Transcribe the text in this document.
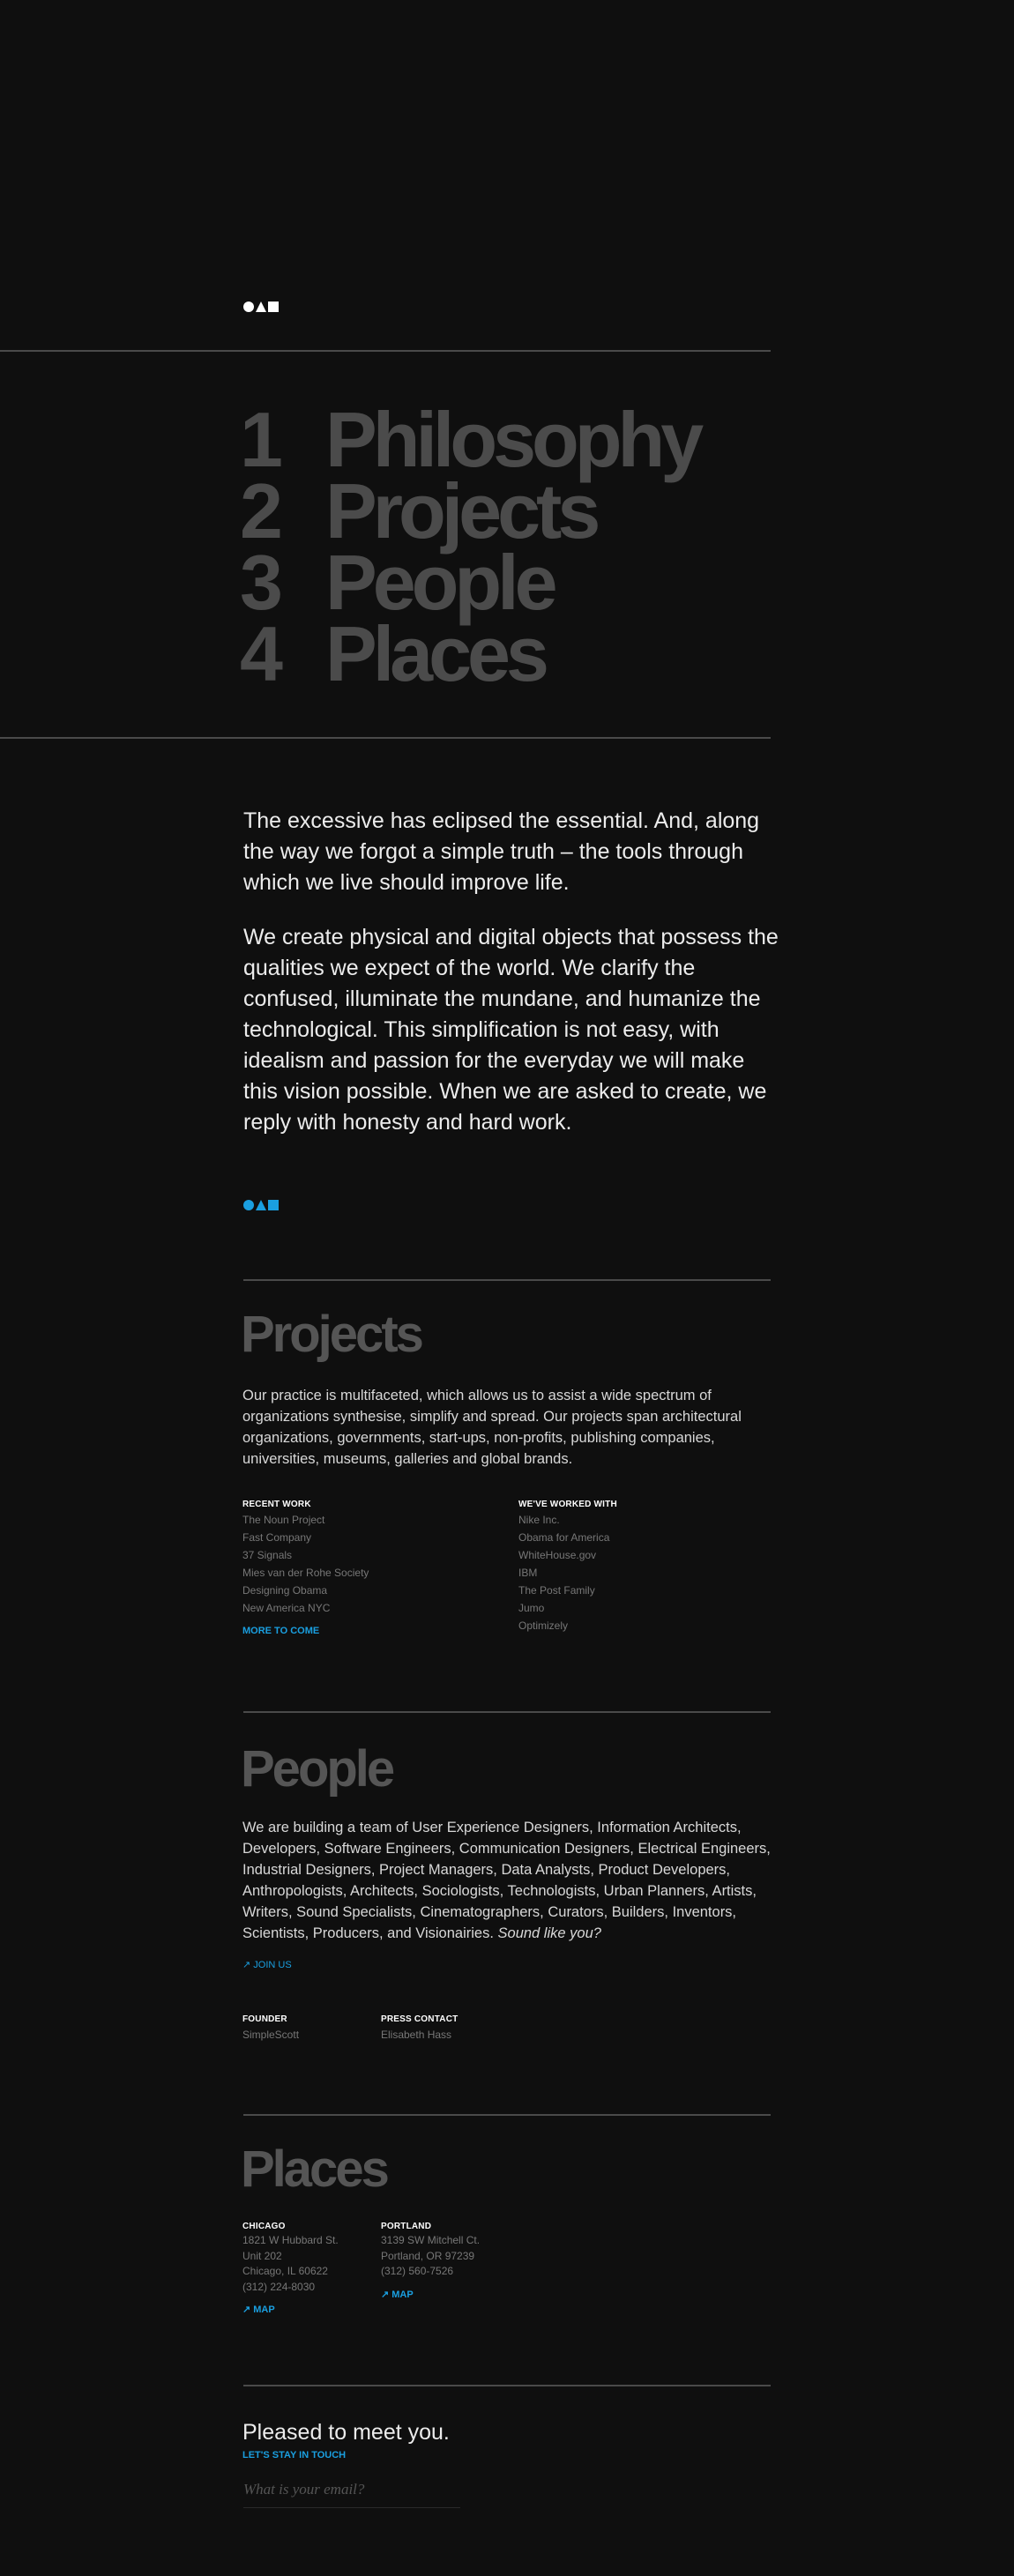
1 Philosophy
2 Projects
3 People
4 Places

The excessive has eclipsed the essential. And, along the way we forgot a simple truth – the tools through which we live should improve life.

We create physical and digital objects that possess the qualities we expect of the world. We clarify the confused, illuminate the mundane, and humanize the technological. This simplification is not easy, with idealism and passion for the everyday we will make this vision possible. When we are asked to create, we reply with honesty and hard work.

Projects

Our practice is multifaceted, which allows us to assist a wide spectrum of organizations synthesise, simplify and spread. Our projects span architectural organizations, governments, start-ups, non-profits, publishing companies, universities, museums, galleries and global brands.

RECENT WORK
The Noun Project
Fast Company
37 Signals
Mies van der Rohe Society
Designing Obama
New America NYC
MORE TO COME
WE'VE WORKED WITH
Nike Inc.
Obama for America
WhiteHouse.gov
IBM
The Post Family
Jumo
Optimizely
People

We are building a team of User Experience Designers, Information Architects, Developers, Software Engineers, Communication Designers, Electrical Engineers, Industrial Designers, Project Managers, Data Analysts, Product Developers, Anthropologists, Architects, Sociologists, Technologists, Urban Planners, Artists, Writers, Sound Specialists, Cinematographers, Curators, Builders, Inventors, Scientists, Producers, and Visionairies. Sound like you?

↗ JOIN US
FOUNDER
SimpleScott
PRESS CONTACT
Elisabeth Hass
Places
CHICAGO
1821 W Hubbard St.
Unit 202
Chicago, IL 60622
(312) 224-8030
↗ MAP
PORTLAND
3139 SW Mitchell Ct.
Portland, OR 97239
(312) 560-7526
↗ MAP
Pleased to meet you.
LET'S STAY IN TOUCH
What is your email?
